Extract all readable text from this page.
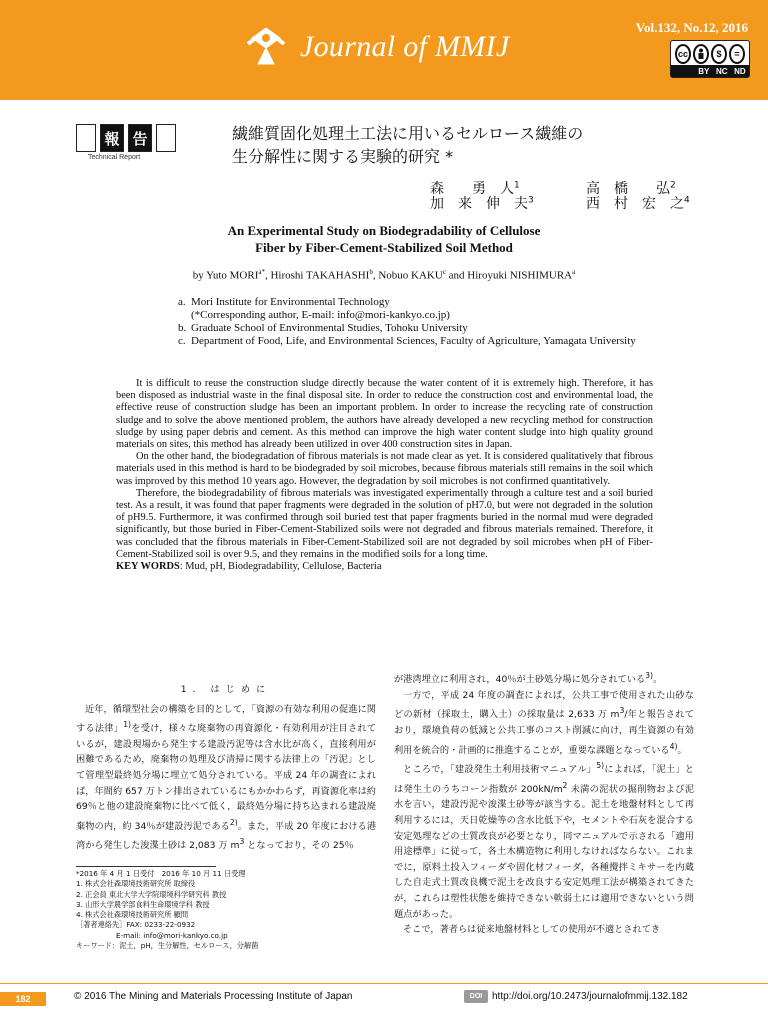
Journal of MMIJ
Vol.132, No.12, 2016
cc	$	=
BY NC ND
報 告
Technical Report
繊維質固化処理土工法に用いるセルロース繊維の
生分解性に関する実験的研究 *
森　　勇　人$^1$	高　橋　　弘$^2$
加　来　伸　夫$^3$	西　村　宏　之$^4$
An Experimental Study on Biodegradability of Cellulose
Fiber by Fiber-Cement-Stabilized Soil Method
by Yuto $MORI^{a*}$, Hiroshi TAKAHASHI$^b$, Nobuo KAKU$^c$ and Hiroyuki NISHIMURA$^a$
a. Mori Institute for Environmental Technology
(*Corresponding author, E-mail: info@mori-kankyo.co.jp)
b. Graduate School of Environmental Studies, Tohoku University
c. Department of Food, Life, and Environmental Sciences, Faculty of Agriculture, Yamagata University

It is difficult to reuse the construction sludge directly because the water content of it is extremely high. Therefore, it has been disposed as industrial waste in the final disposal site. In order to reduce the construction cost and environmental load, the effective reuse of construction sludge has been an important problem. In order to increase the recycling rate of construction sludge and to solve the above mentioned problem, the authors have already developed a new recycling method for construction sludge by using paper debris and cement. As this method can improve the high water content sludge into high quality ground materials on sites, this method has already been utilized in over 400 construction sites in Japan.

On the other hand, the biodegradation of fibrous materials is not made clear as yet. It is considered qualitatively that fibrous materials used in this method is hard to be biodegraded by soil microbes, because fibrous materials still remains in the soil which was improved by this method 10 years ago. However, the degradation by soil microbes is not confirmed quantitatively.

Therefore, the biodegradability of fibrous materials was investigated experimentally through a culture test and a soil buried test. As a result, it was found that paper fragments were degraded in the solution of pH7.0, but were not degraded in the solution of pH9.5. Furthermore, it was confirmed through soil buried test that paper fragments buried in the normal mud were degraded significantly, but those buried in Fiber-Cement-Stabilized soils were not degraded and fibrous materials remained. Therefore, it was concluded that the fibrous materials in Fiber-Cement-Stabilized soil are not degraded by soil microbes when pH of Fiber-Cement-Stabilized soil is over 9.5, and they remains in the modified soils for a long time.

KEY WORDS: Mud, pH, Biodegradability, Cellulose, Bacteria
1. はじめに

近年，循環型社会の構築を目的として，「資源の有効な利用の促進に関する法律」$^{1)}$を受け，様々な廃棄物の再資源化・有効利用が注目されているが，建設現場から発生する建設汚泥等は含水比が高く，直接利用が困難であるため，廃棄物の処理及び清掃に関する法律上の「汚泥」として管理型最終処分場に埋立て処分されている。平成 24 年の調査によれば，年間約 657 万トン排出されているにもかかわらず，再資源化率は約 69％と他の建設廃棄物に比べて低く，最終処分場に持ち込まれる建設廃棄物の内，約 34％が建設汚泥である$^{2)}$。また，平成 20 年度における港湾から発生した浚渫土砂は 2,083 万 $m^3$ となっており，その 25％

*2016 年 4 月 1 日受付　2016 年 10 月 11 日受理
1. 株式会社森環境技術研究所 取締役
2. 正会員 東北大学大学院環境科学研究科 教授
3. 山形大学農学部食料生命環境学科 教授
4. 株式会社森環境技術研究所 顧問
［著者連絡先］FAX: 0233-22-0932
E-mail: info@mori-kankyo.co.jp
キーワード：泥土，pH，生分解性，セルロース，分解菌
が港湾埋立に利用され，40％が土砂処分場に処分されている$^{3)}$。

一方で，平成 24 年度の調査によれば，公共工事で使用された山砂などの新材（採取土，購入土）の採取量は 2,633 万 $m^3/$年と報告されており，環境負荷の低減と公共工事のコスト削減に向け，再生資源の有効利用を統合的・計画的に推進することが，重要な課題となっている$^{4)}$。

ところで，「建設発生土利用技術マニュアル」$^{5)}$によれば，「泥土」とは発生土のうちコーン指数が $200kN/m^2$ 未満の泥状の掘削物および泥水を言い，建設汚泥や浚渫土砂等が該当する。泥土を地盤材料として再利用するには，天日乾燥等の含水比低下や，セメントや石灰を混合する安定処理などの土質改良が必要となり，同マニュアルで示される「適用用途標準」に従って，各土木構造物に利用しなければならない。これまでに，原料土投入フィーダや固化材フィーダ，各種攪拌ミキサーを内蔵した自走式土質改良機で泥土を改良する安定処理工法が構築されてきたが，これらは塑性状態を維持できない軟弱土には適用できないという問題点があった。

そこで，著者らは従来地盤材料としての使用が不適とされてき

182	© 2016 The Mining and Materials Processing Institute of Japan	DOI http://doi.org/10.2473/journalofmmij.132.182
